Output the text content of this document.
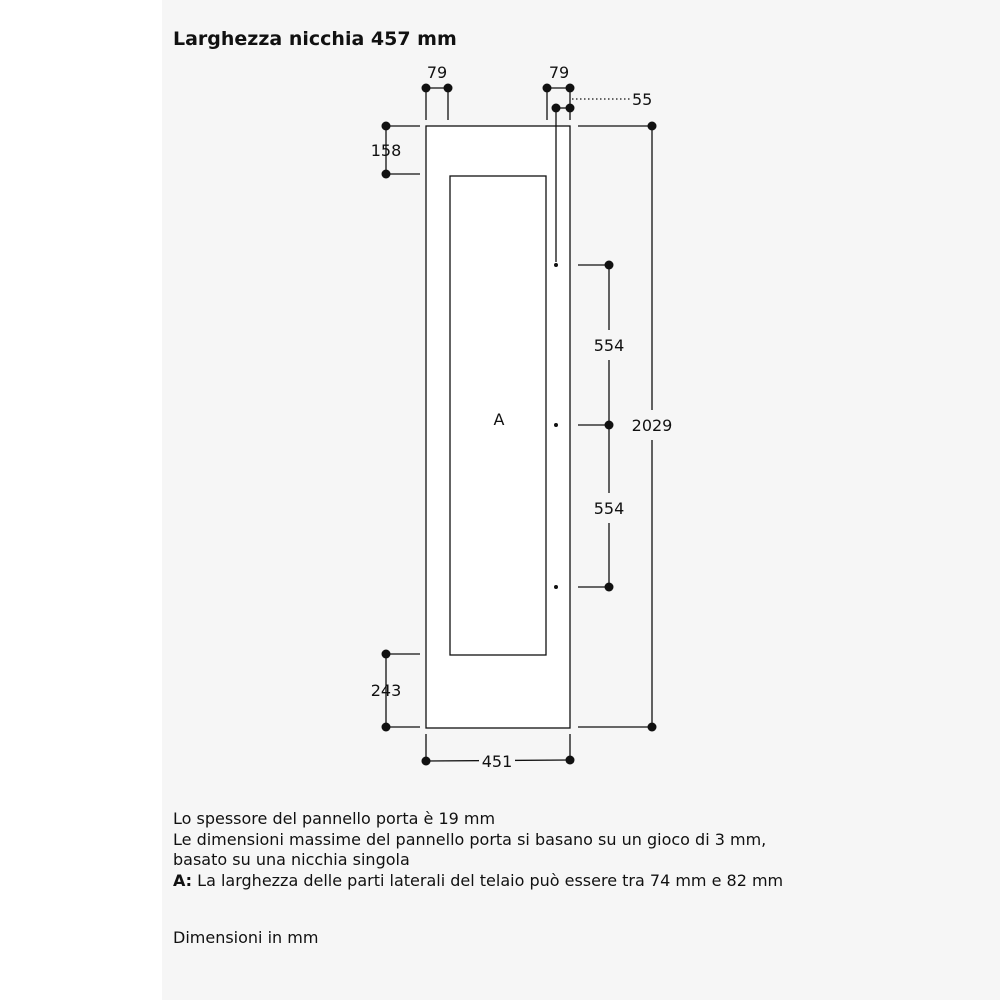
Larghezza nicchia 457 mm
79	79
55
158
243
2029
554
554
451
A
Lo spessore del pannello porta è 19 mm
Le dimensioni massime del pannello porta si basano su un gioco di 3 mm,
basato su una nicchia singola
A: La larghezza delle parti laterali del telaio può essere tra 74 mm e 82 mm

Dimensioni in mm
